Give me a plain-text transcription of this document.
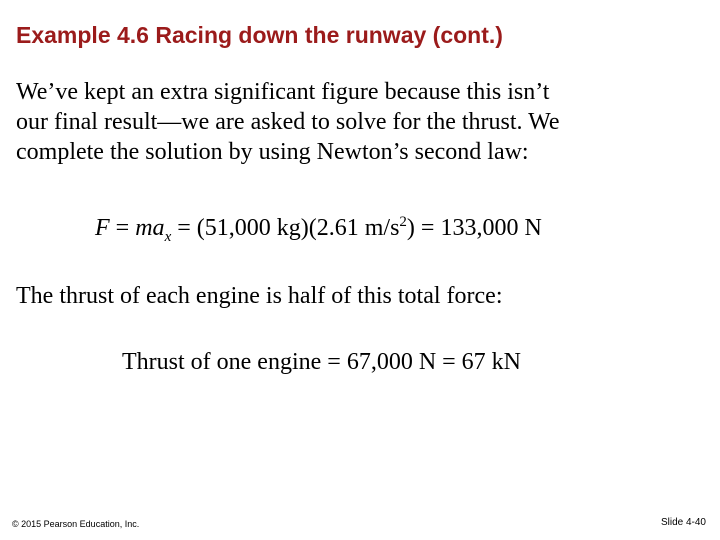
Example 4.6 Racing down the runway (cont.)

We’ve kept an extra significant figure because this isn’t
our final result—we are asked to solve for the thrust. We
complete the solution by using Newton’s second law:

$F = ma_x = (51,000$ kg)(2.61 $m/s^2) = 133,000$ N

The thrust of each engine is half of this total force:

Thrust of one engine = 67,000 N = 67 kN

© 2015 Pearson Education, Inc.	Slide 4-40
